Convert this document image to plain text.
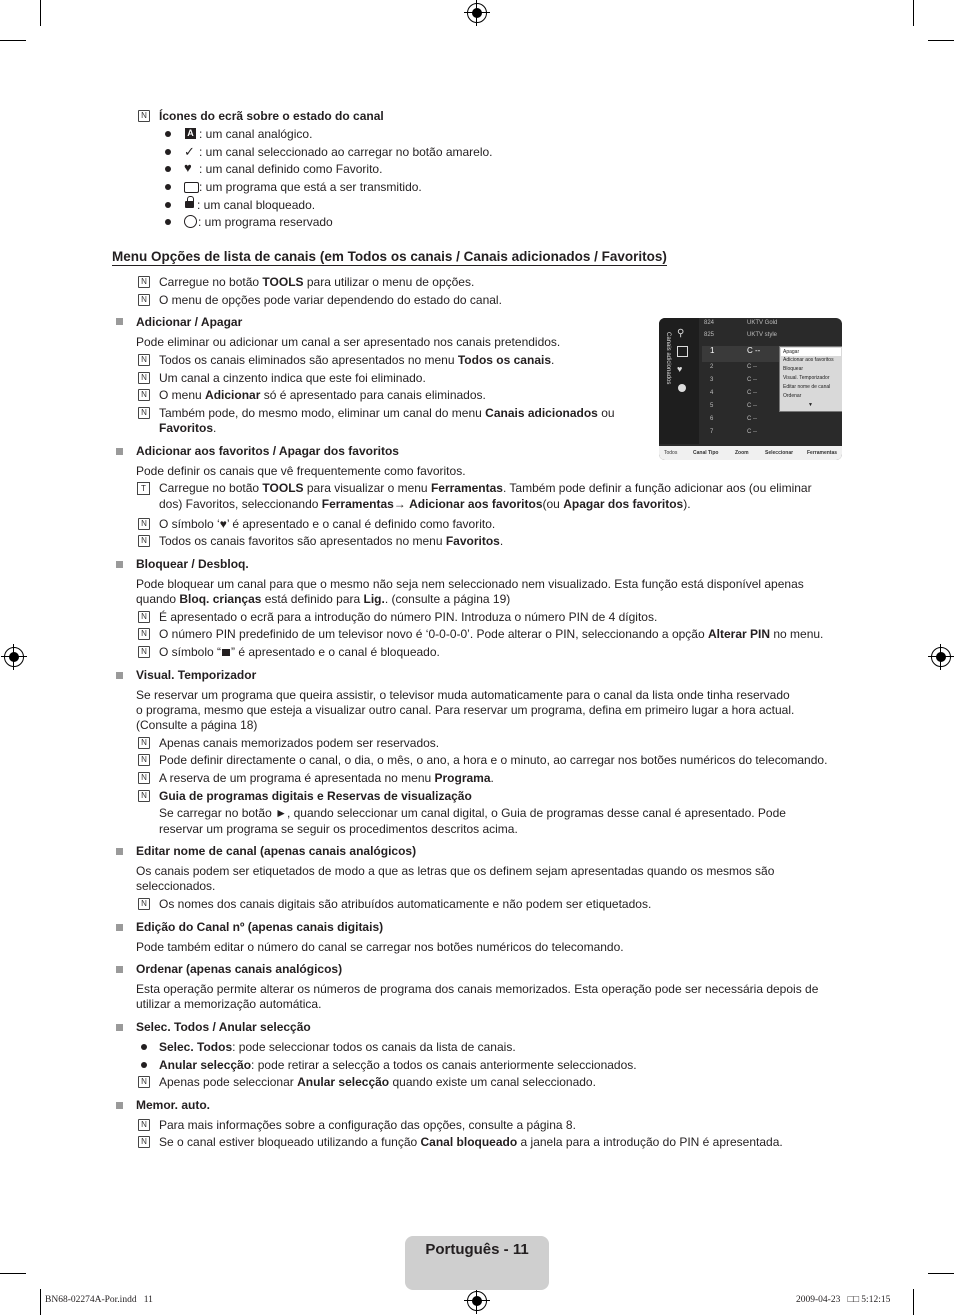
N Ícones do ecrã sobre o estado do canal
A : um canal analógico.
✓ : um canal seleccionado ao carregar no botão amarelo.
♥ : um canal definido como Favorito.
: um programa que está a ser transmitido.
: um canal bloqueado.
: um programa reservado
Menu Opções de lista de canais (em Todos os canais / Canais adicionados / Favoritos)
N Carregue no botão TOOLS para utilizar o menu de opções.
N O menu de opções pode variar dependendo do estado do canal.
Adicionar / Apagar
Pode eliminar ou adicionar um canal a ser apresentado nos canais pretendidos.
N Todos os canais eliminados são apresentados no menu Todos os canais.
N Um canal a cinzento indica que este foi eliminado.
N O menu Adicionar só é apresentado para canais eliminados.
N Também pode, do mesmo modo, eliminar um canal do menu Canais adicionados ou
Favoritos.
Canais adicionados ⚲
♥
824	UKTV Gold
825	UKTV style
1	C --
2	C --
3	C --
4	C --
5	C --
6	C --
7	C --
Apagar
Adicionar aos favoritos
Bloquear
Visual. Temporizador
Editar nome de canal
Ordenar
▼
Todos	Canal Tipo	Zoom	Seleccionar	Ferramentas
Adicionar aos favoritos / Apagar dos favoritos
Pode definir os canais que vê frequentemente como favoritos.
T	Carregue no botão TOOLS para visualizar o menu Ferramentas. Também pode definir a função adicionar aos (ou eliminar
dos) Favoritos, seleccionando Ferramentas→ Adicionar aos favoritos(ou Apagar dos favoritos).
N O símbolo ‘♥’ é apresentado e o canal é definido como favorito.
N Todos os canais favoritos são apresentados no menu Favoritos.
Bloquear / Desbloq.
Pode bloquear um canal para que o mesmo não seja nem seleccionado nem visualizado. Esta função está disponível apenas
quando Bloq. crianças está definido para Lig.. (consulte a página 19)
N É apresentado o ecrã para a introdução do número PIN. Introduza o número PIN de 4 dígitos.
N O número PIN predefinido de um televisor novo é ‘0-0-0-0’. Pode alterar o PIN, seleccionando a opção Alterar PIN no menu.
N O símbolo “ ” é apresentado e o canal é bloqueado.
Visual. Temporizador
Se reservar um programa que queira assistir, o televisor muda automaticamente para o canal da lista onde tinha reservado
o programa, mesmo que esteja a visualizar outro canal. Para reservar um programa, defina em primeiro lugar a hora actual.
(Consulte a página 18)
N Apenas canais memorizados podem ser reservados.
N Pode definir directamente o canal, o dia, o mês, o ano, a hora e o minuto, ao carregar nos botões numéricos do telecomando.
N A reserva de um programa é apresentada no menu Programa.
N Guia de programas digitais e Reservas de visualização
Se carregar no botão ►, quando seleccionar um canal digital, o Guia de programas desse canal é apresentado. Pode
reservar um programa se seguir os procedimentos descritos acima.
Editar nome de canal (apenas canais analógicos)
Os canais podem ser etiquetados de modo a que as letras que os definem sejam apresentadas quando os mesmos são
seleccionados.
N Os nomes dos canais digitais são atribuídos automaticamente e não podem ser etiquetados.
Edição do Canal nº (apenas canais digitais)
Pode também editar o número do canal se carregar nos botões numéricos do telecomando.
Ordenar (apenas canais analógicos)
Esta operação permite alterar os números de programa dos canais memorizados. Esta operação pode ser necessária depois de
utilizar a memorização automática.
Selec. Todos / Anular selecção
Selec. Todos: pode seleccionar todos os canais da lista de canais.
Anular selecção: pode retirar a selecção a todos os canais anteriormente seleccionados.
N Apenas pode seleccionar Anular selecção quando existe um canal seleccionado.
Memor. auto.
N Para mais informações sobre a configuração das opções, consulte a página 8.
N Se o canal estiver bloqueado utilizando a função Canal bloqueado a janela para a introdução do PIN é apresentada.
Português - 11
BN68-02274A-Por.indd   11	2009-04-23   □□ 5:12:15
